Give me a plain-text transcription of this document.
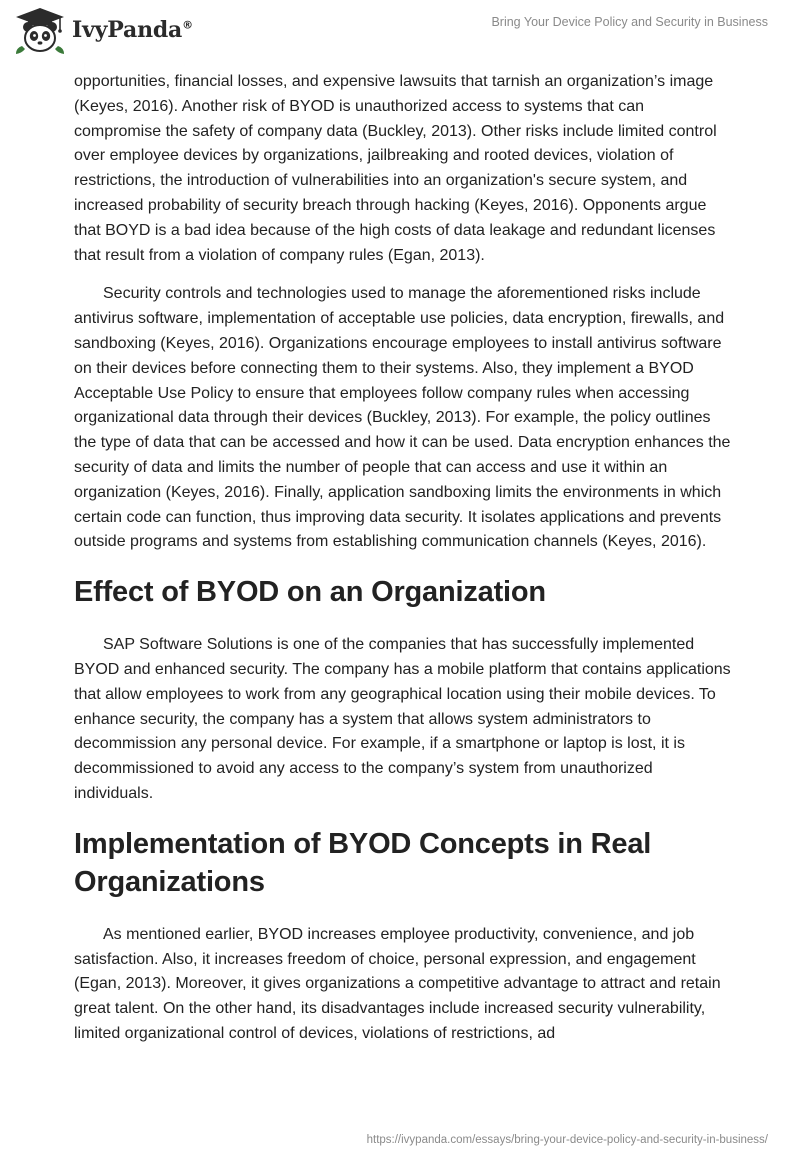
IvyPanda®	Bring Your Device Policy and Security in Business

opportunities, financial losses, and expensive lawsuits that tarnish an organization’s image (Keyes, 2016). Another risk of BYOD is unauthorized access to systems that can compromise the safety of company data (Buckley, 2013). Other risks include limited control over employee devices by organizations, jailbreaking and rooted devices, violation of restrictions, the introduction of vulnerabilities into an organization's secure system, and increased probability of security breach through hacking (Keyes, 2016). Opponents argue that BOYD is a bad idea because of the high costs of data leakage and redundant licenses that result from a violation of company rules (Egan, 2013).

Security controls and technologies used to manage the aforementioned risks include antivirus software, implementation of acceptable use policies, data encryption, firewalls, and sandboxing (Keyes, 2016). Organizations encourage employees to install antivirus software on their devices before connecting them to their systems. Also, they implement a BYOD Acceptable Use Policy to ensure that employees follow company rules when accessing organizational data through their devices (Buckley, 2013). For example, the policy outlines the type of data that can be accessed and how it can be used. Data encryption enhances the security of data and limits the number of people that can access and use it within an organization (Keyes, 2016). Finally, application sandboxing limits the environments in which certain code can function, thus improving data security. It isolates applications and prevents outside programs and systems from establishing communication channels (Keyes, 2016).

Effect of BYOD on an Organization

SAP Software Solutions is one of the companies that has successfully implemented BYOD and enhanced security. The company has a mobile platform that contains applications that allow employees to work from any geographical location using their mobile devices. To enhance security, the company has a system that allows system administrators to decommission any personal device. For example, if a smartphone or laptop is lost, it is decommissioned to avoid any access to the company’s system from unauthorized individuals.

Implementation of BYOD Concepts in Real Organizations

As mentioned earlier, BYOD increases employee productivity, convenience, and job satisfaction. Also, it increases freedom of choice, personal expression, and engagement (Egan, 2013). Moreover, it gives organizations a competitive advantage to attract and retain great talent. On the other hand, its disadvantages include increased security vulnerability, limited organizational control of devices, violations of restrictions, ad

https://ivypanda.com/essays/bring-your-device-policy-and-security-in-business/
